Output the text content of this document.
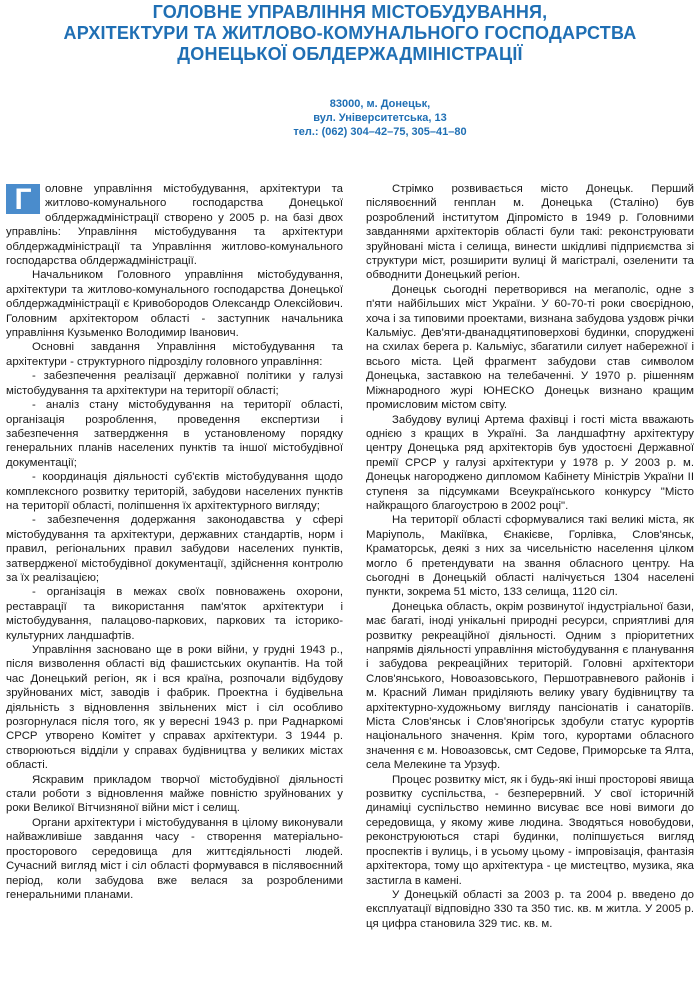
ГОЛОВНЕ УПРАВЛІННЯ МІСТОБУДУВАННЯ,
АРХІТЕКТУРИ ТА ЖИТЛОВО-КОМУНАЛЬНОГО ГОСПОДАРСТВА
ДОНЕЦЬКОЇ ОБЛДЕРЖАДМІНІСТРАЦІЇ
83000, м. Донецьк,
вул. Університетська, 13
тел.: (062) 304–42–75, 305–41–80

Г	оловне управління містобудування, архітектури та житлово-комунального господарства Донецької облдержадміністрації створено у 2005 р. на базі двох управлінь: Управління містобудування та архітектури облдержадміністрації та Управління житлово-комунального господарства облдержадміністрації.

Начальником Головного управління містобудування, архітектури та житлово-комунального господарства Донецької облдержадміністрації є Кривобородов Олександр Олексійович. Головним архітектором області - заступник начальника управління Кузьменко Володимир Іванович.

Основні завдання Управління містобудування та архітектури - структурного підрозділу головного управління:

- забезпечення реалізації державної політики у галузі містобудування та архітектури на території області;

- аналіз стану містобудування на території області, організація розроблення, проведення експертизи і забезпечення затвердження в установленому порядку генеральних планів населених пунктів та іншої містобудівної документації;

- координація діяльності суб'єктів містобудування щодо комплексного розвитку територій, забудови населених пунктів на території області, поліпшення їх архітектурного вигляду;

- забезпечення додержання законодавства у сфері містобудування та архітектури, державних стандартів, норм і правил, регіональних правил забудови населених пунктів, затвердженої містобудівної документації, здійснення контролю за їх реалізацією;

- організація в межах своїх повноважень охорони, реставрації та використання пам'яток архітектури і містобудування, палацово-паркових, паркових та історико-культурних ландшафтів.

Управління засновано ще в роки війни, у грудні 1943 р., після визволення області від фашистських окупантів. На той час Донецький регіон, як і вся країна, розпочали відбудову зруйнованих міст, заводів і фабрик. Проектна і будівельна діяльність з відновлення звільнених міст і сіл особливо розгорнулася після того, як у вересні 1943 р. при Раднаркомі СРСР утворено Комітет у справах архітектури. З 1944 р. створюються відділи у справах будівництва у великих містах області.

Яскравим прикладом творчої містобудівної діяльності стали роботи з відновлення майже повністю зруйнованих у роки Великої Вітчизняної війни міст і селищ.

Органи архітектури і містобудування в цілому виконували найважливіше завдання часу - створення матеріально-просторового середовища для життєдіяльності людей. Сучасний вигляд міст і сіл області формувався в післявоєнний період, коли забудова вже велася за розробленими генеральними планами.

Стрімко розвивається місто Донецьк. Перший післявоєнний генплан м. Донецька (Сталіно) був розроблений інститутом Діпромісто в 1949 р. Головними завданнями архітекторів області були такі: реконструювати зруйновані міста і селища, винести шкідливі підприємства зі структури міст, розширити вулиці й магістралі, озеленити та обводнити Донецький регіон.

Донецьк сьогодні перетворився на мегаполіс, одне з п'яти найбільших міст України. У 60-70-ті роки своєрідною, хоча і за типовими проектами, визнана забудова уздовж річки Кальміус. Дев'яти-дванадцятиповерхові будинки, споруджені на схилах берега р. Кальміус, збагатили силует набережної і всього міста. Цей фрагмент забудови став символом Донецька, заставкою на телебаченні. У 1970 р. рішенням Міжнародного журі ЮНЕСКО Донецьк визнано кращим промисловим містом світу.

Забудову вулиці Артема фахівці і гості міста вважають однією з кращих в Україні. За ландшафтну архітектуру центру Донецька ряд архітекторів був удостоєні Державної премії СРСР у галузі архітектури у 1978 р. У 2003 р. м. Донецьк нагороджено дипломом Кабінету Міністрів України ІІ ступеня за підсумками Всеукраїнського конкурсу "Місто найкращого благоустрою в 2002 році".

На території області сформувалися такі великі міста, як Маріуполь, Макіївка, Єнакієве, Горлівка, Слов'янськ, Краматорськ, деякі з них за чисельністю населення цілком могло б претендувати на звання обласного центру. На сьогодні в Донецькій області налічується 1304 населені пункти, зокрема 51 місто, 133 селища, 1120 сіл.

Донецька область, окрім розвинутої індустріальної бази, має багаті, іноді унікальні природні ресурси, сприятливі для розвитку рекреаційної діяльності. Одним з пріоритетних напрямів діяльності управління містобудування є планування і забудова рекреаційних територій. Головні архітектори Слов'янського, Новоазовського, Першотравневого районів і м. Красний Лиман приділяють велику увагу будівництву та архітектурно-художньому вигляду пансіонатів і санаторіїв. Міста Слов'янськ і Слов'яногірськ здобули статус курортів національного значення. Крім того, курортами обласного значення є м. Новоазовськ, смт Седове, Приморське та Ялта, села Мелекине та Урзуф.

Процес розвитку міст, як і будь-які інші просторові явища розвитку суспільства, - безперервний. У свої історичній динаміці суспільство неминно висуває все нові вимоги до середовища, у якому живе людина. Зводяться новобудови, реконструюються старі будинки, поліпшується вигляд проспектів і вулиць, і в усьому цьому - імпровізація, фантазія архітектора, тому що архітектура - це мистецтво, музика, яка застигла в камені.

У Донецькій області за 2003 р. та 2004 р. введено до експлуатації відповідно 330 та 350 тис. кв. м житла. У 2005 р. ця цифра становила 329 тис. кв. м.
